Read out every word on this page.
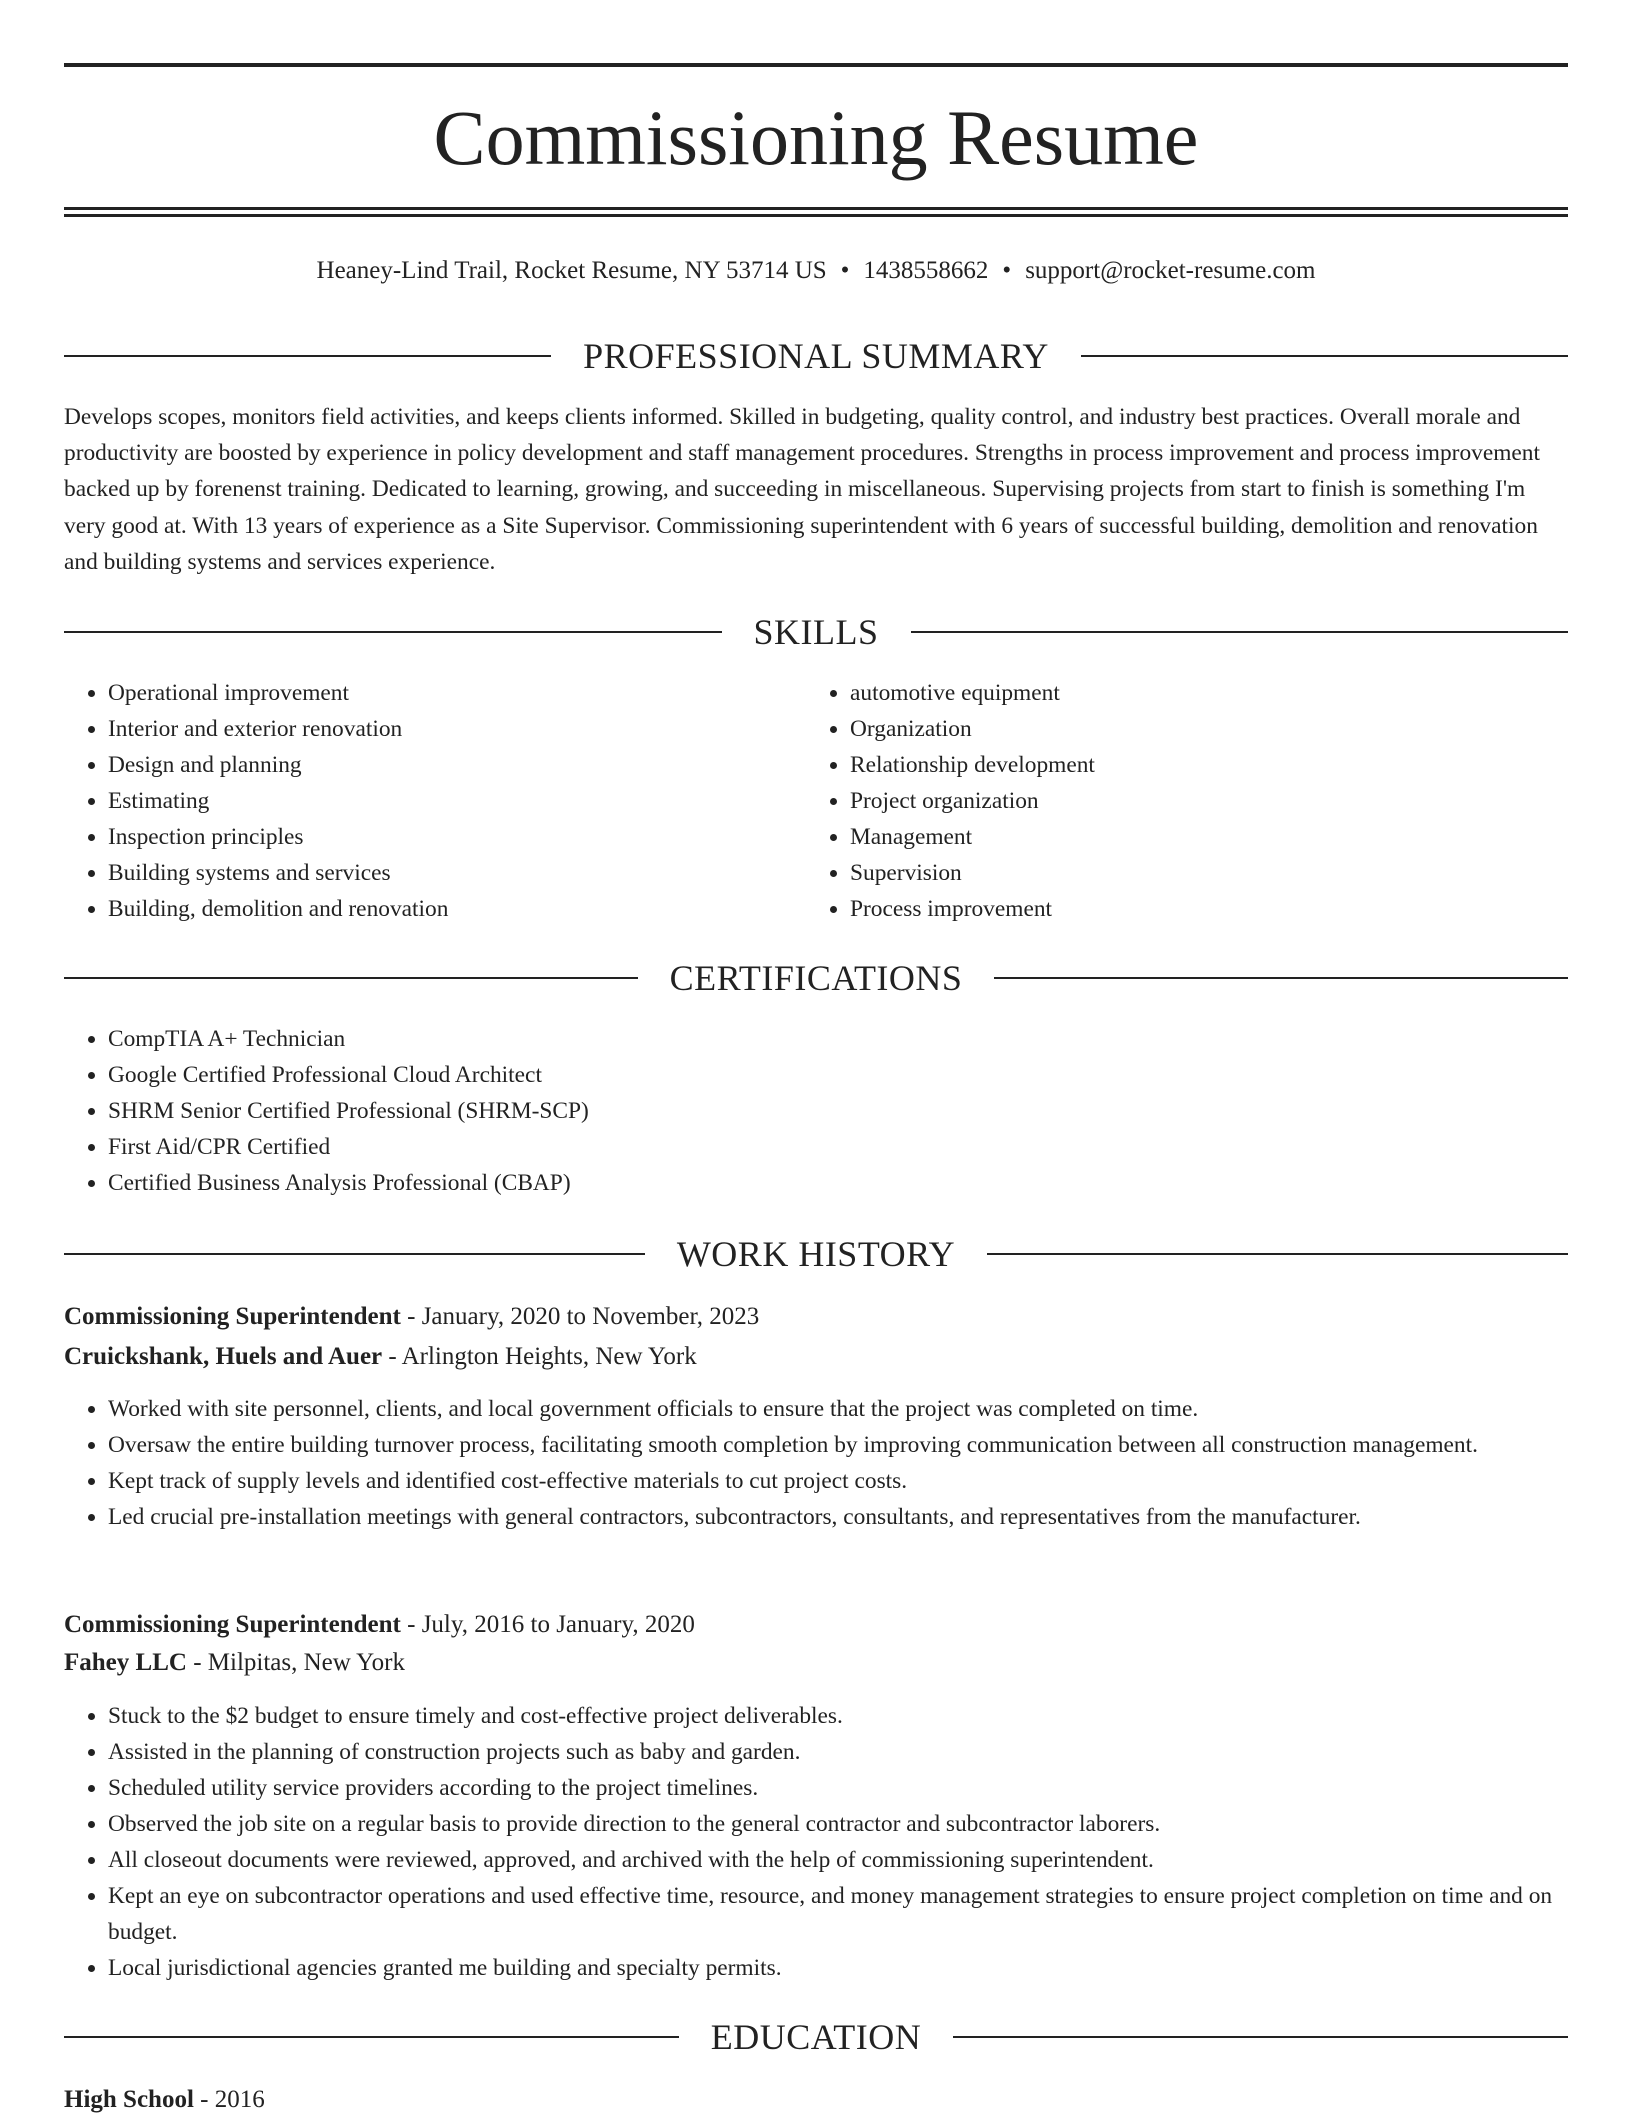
Commissioning Resume
Heaney-Lind Trail, Rocket Resume, NY 53714 US • 1438558662 • support@rocket-resume.com
PROFESSIONAL SUMMARY
Develops scopes, monitors field activities, and keeps clients informed. Skilled in budgeting, quality control, and industry best practices. Overall morale and productivity are boosted by experience in policy development and staff management procedures. Strengths in process improvement and process improvement backed up by forenenst training. Dedicated to learning, growing, and succeeding in miscellaneous. Supervising projects from start to finish is something I'm very good at. With 13 years of experience as a Site Supervisor. Commissioning superintendent with 6 years of successful building, demolition and renovation and building systems and services experience.
SKILLS
• Operational improvement
• Interior and exterior renovation
• Design and planning
• Estimating
• Inspection principles
• Building systems and services
• Building, demolition and renovation
• automotive equipment
• Organization
• Relationship development
• Project organization
• Management
• Supervision
• Process improvement
CERTIFICATIONS
• CompTIA A+ Technician
• Google Certified Professional Cloud Architect
• SHRM Senior Certified Professional (SHRM-SCP)
• First Aid/CPR Certified
• Certified Business Analysis Professional (CBAP)
WORK HISTORY
Commissioning Superintendent - January, 2020 to November, 2023
Cruickshank, Huels and Auer - Arlington Heights, New York
• Worked with site personnel, clients, and local government officials to ensure that the project was completed on time.
• Oversaw the entire building turnover process, facilitating smooth completion by improving communication between all construction management.
• Kept track of supply levels and identified cost-effective materials to cut project costs.
• Led crucial pre-installation meetings with general contractors, subcontractors, consultants, and representatives from the manufacturer.
Commissioning Superintendent - July, 2016 to January, 2020
Fahey LLC - Milpitas, New York
• Stuck to the $2 budget to ensure timely and cost-effective project deliverables.
• Assisted in the planning of construction projects such as baby and garden.
• Scheduled utility service providers according to the project timelines.
• Observed the job site on a regular basis to provide direction to the general contractor and subcontractor laborers.
• All closeout documents were reviewed, approved, and archived with the help of commissioning superintendent.
• Kept an eye on subcontractor operations and used effective time, resource, and money management strategies to ensure project completion on time and on budget.
• Local jurisdictional agencies granted me building and specialty permits.
EDUCATION
High School - 2016
